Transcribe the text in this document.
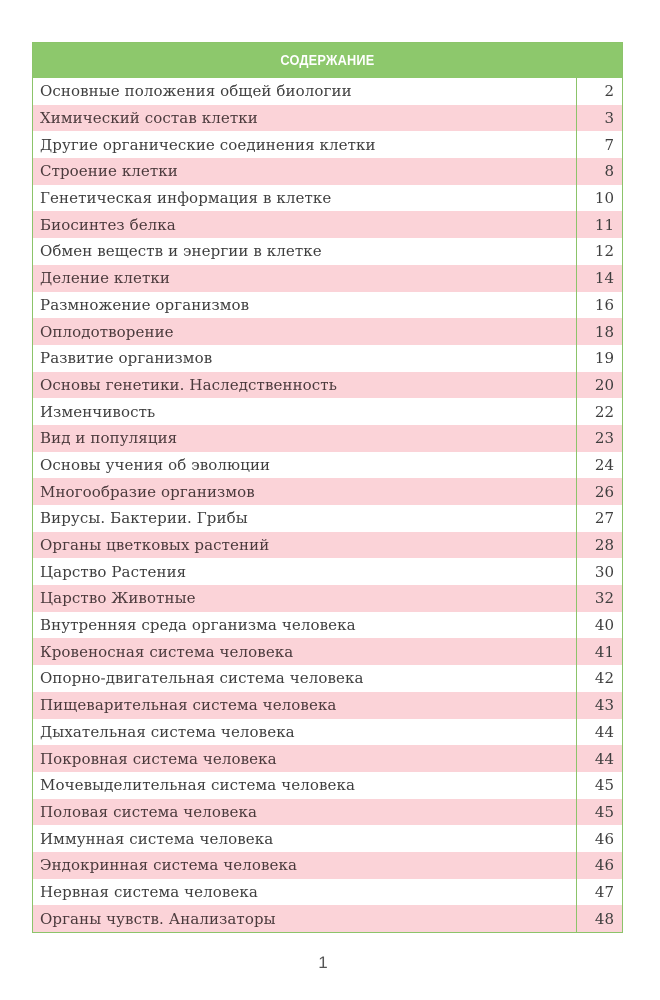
СОДЕРЖАНИЕ
Основные положения общей биологии	2
Химический состав клетки	3
Другие органические соединения клетки	7
Строение клетки	8
Генетическая информация в клетке	10
Биосинтез белка	11
Обмен веществ и энергии в клетке	12
Деление клетки	14
Размножение организмов	16
Оплодотворение	18
Развитие организмов	19
Основы генетики. Наследственность	20
Изменчивость	22
Вид и популяция	23
Основы учения об эволюции	24
Многообразие организмов	26
Вирусы. Бактерии. Грибы	27
Органы цветковых растений	28
Царство Растения	30
Царство Животные	32
Внутренняя среда организма человека	40
Кровеносная система человека	41
Опорно-двигательная система человека	42
Пищеварительная система человека	43
Дыхательная система человека	44
Покровная система человека	44
Мочевыделительная система человека	45
Половая система человека	45
Иммунная система человека	46
Эндокринная система человека	46
Нервная система человека	47
Органы чувств. Анализаторы	48
1
